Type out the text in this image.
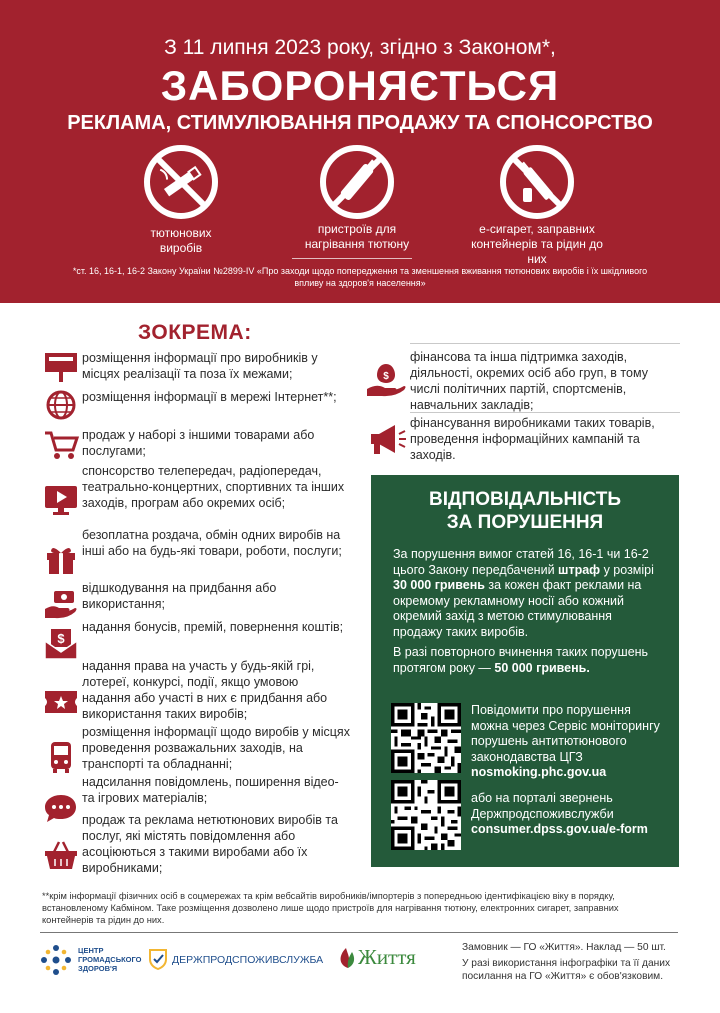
З 11 липня 2023 року, згідно з Законом*,
ЗАБОРОНЯЄТЬСЯ
РЕКЛАМА, СТИМУЛЮВАННЯ ПРОДАЖУ ТА СПОНСОРСТВО
тютюнових виробів
пристроїв для нагрівання тютюну
е-сигарет, заправних контейнерів та рідин до них
*ст. 16, 16-1, 16-2 Закону України №2899-IV «Про заходи щодо попередження та зменшення вживання тютюнових виробів і їх шкідливого впливу на здоров'я населення»
ЗОКРЕМА:
розміщення інформації про виробників у місцях реалізації та поза їх межами;
розміщення інформації в мережі Інтернет**;
продаж у наборі з іншими товарами або послугами;
спонсорство телепередач, радіопередач, театрально-концертних, спортивних та інших заходів, програм або окремих осіб;
безоплатна роздача, обмін одних виробів на інші або на будь-які товари, роботи, послуги;
відшкодування на придбання або використання;
$
надання бонусів, премій, повернення коштів;
надання права на участь у будь-якій грі, лотереї, конкурсі, події, якщо умовою надання або участі в них є придбання або використання таких виробів;
розміщення інформації щодо виробів у місцях проведення розважальних заходів, на транспорті та обладнанні;
надсилання повідомлень, поширення відео- та ігрових матеріалів;
продаж та реклама нетютюнових виробів та послуг, які містять повідомлення або асоціюються з такими виробами або їх виробниками;
$
фінансова та інша підтримка заходів, діяльності, окремих осіб або груп, в тому числі політичних партій, спортсменів, навчальних закладів;
фінансування виробниками таких товарів, проведення інформаційних кампаній та заходів.
ВІДПОВІДАЛЬНІСТЬ
ЗА ПОРУШЕННЯ
За порушення вимог статей 16, 16-1 чи 16-2 цього Закону передбачений штраф у розмірі 30 000 гривень за кожен факт реклами на окремому рекламному носії або кожний окремий захід з метою стимулювання продажу таких виробів.
В разі повторного вчинення таких порушень протягом року — 50 000 гривень.
Повідомити про порушення можна через Сервіс моніторингу порушень антитютюнового законодавства ЦГЗ nosmoking.phc.gov.ua
або на порталі звернень Держпродспоживслужби consumer.dpss.gov.ua/e-form
**крім інформації фізичних осіб в соцмережах та крім вебсайтів виробників/імпортерів з попередньою ідентифікацією віку в порядку, встановленому Кабміном. Таке розміщення дозволено лише щодо пристроїв для нагрівання тютюну, електронних сигарет, заправних контейнерів та рідин до них.
ЦЕНТР
ГРОМАДСЬКОГО
ЗДОРОВ'Я
ДЕРЖПРОДСПОЖИВСЛУЖБА Життя	Замовник — ГО «Життя». Наклад — 50 шт.
У разі використання інфографіки та її даних посилання на ГО «Життя» є обов'язковим.
